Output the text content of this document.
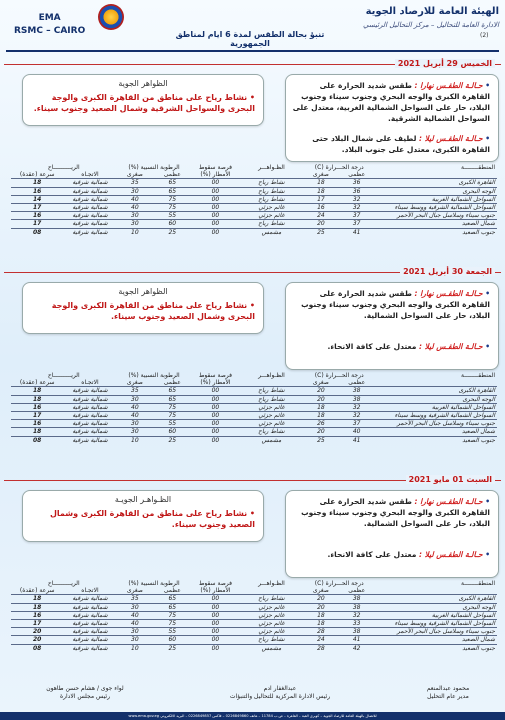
الهيئة العامة للارصاد الجوية
الادارة العامة للتحاليل – مركز التحاليل الرئيسي
(2)
تنبؤ بحالة الطقس لمدة 6 ايام لمناطق الجمهورية
EMA
RSMC – CAIRO
الخميس 29 أبريل 2021
• حـالـة الطقـس نهارا : طقس شديد الحرارة على القاهرة الكبرى والوجه البحري وجنوب سيناء وجنوب البلاد، حار على السواحل الشمالية الغربية، معتدل على السواحل الشمالية الشرقية.
• حـالـة الطقـس ليلا : لطيف على شمال البلاد حتى القاهرة الكبرى، معتدل على جنوب البلاد.
الظواهر الجوية
• نشاط رياح على مناطق من القاهرة الكبرى والوجة البحرى والسواحل الشرقية وشمال الصعيد وجنوب سيناء.
المنطقــــــــة	درجة الحـــرارة (C)		الظـواهـــر	فرصة سقوط الأمطار (%)	الرطوبة النسبية (%)		الريــــــــــاح	
	عظمى	صغرى			عظمى	صغرى	الاتجـاه	سرعة (عقدة)
القاهرة الكبرى	36	18	نشاط رياح	00	65	35	شمالية شرقية	18
الوجه البحرى	36	18	نشاط رياح	00	65	30	شمالية شرقية	16
السواحل الشمالية الغربية	32	17	نشاط رياح	00	75	40	شمالية شرقية	14
السواحل الشمالية الشرقية ووسط سيناء	32	16	غائم جزئي	00	75	40	شمالية شرقية	17
جنوب سيناء وسلاسل جبال البحر الأحمر	37	24	غائم جزئي	00	55	30	شمالية شرقية	16
شمال الصعيد	37	20	نشاط رياح	00	60	30	شمالية شرقية	17
جنوب الصعيد	41	25	مشمس	00	25	10	شمالية شرقية	08
الجمعة 30 أبريل 2021
• حـالـة الطقـس نهارا : طقس شديد الحرارة على القاهرة الكبرى والوجه البحري وجنوب سيناء وجنوب البلاد، حار على السواحل الشمالية.
• حـالـة الطقـس ليلا : معتدل على كافة الانحاء.
الظواهر الجوية
• نشاط رياح على مناطق من القاهرة الكبرى والوجة البحرى وشمال الصعيد وجنوب سيناء.
المنطقــــــــة	درجة الحـــرارة (C)		الظـواهـــر	فرصة سقوط الأمطار (%)	الرطوبة النسبية (%)		الريــــــــــاح	
	عظمى	صغرى			عظمى	صغرى	الاتجـاه	سرعة (عقدة)
القاهرة الكبرى	38	20	نشاط رياح	00	65	35	شمالية شرقية	18
الوجه البحرى	38	20	نشاط رياح	00	65	30	شمالية شرقية	18
السواحل الشمالية الغربية	32	18	غائم جزئي	00	75	40	شمالية شرقية	16
السواحل الشمالية الشرقية ووسط سيناء	32	18	غائم جزئي	00	75	40	شمالية شرقية	17
جنوب سيناء وسلاسل جبال البحر الأحمر	37	26	غائم جزئي	00	55	30	شمالية شرقية	16
شمال الصعيد	40	20	نشاط رياح	00	60	30	شمالية شرقية	18
جنوب الصعيد	41	25	مشمس	00	25	10	شمالية شرقية	08
السبت 01 مايو 2021
• حـالـة الطقـس نهارا : طقس شديد الحرارة على القاهرة الكبرى والوجه البحري وجنوب سيناء وجنوب البلاد، حار على السواحل الشمالية.
• حـالـة الطقـس ليلا : معتدل على كافة الانحاء.
الظـواهـر الجويـة
• نشاط رياح على مناطق من القاهرة الكبرى وشمال الصعيد وجنوب سيناء.
المنطقــــــــة	درجة الحـــرارة (C)		الظـواهـــر	فرصة سقوط الأمطار (%)	الرطوبة النسبية (%)		الريــــــــــاح	
	عظمى	صغرى			عظمى	صغرى	الاتجـاه	سرعة (عقدة)
القاهرة الكبرى	38	20	نشاط رياح	00	65	35	شمالية شرقية	18
الوجه البحرى	38	20	غائم جزئي	00	65	30	شمالية شرقية	18
السواحل الشمالية الغربية	32	18	غائم جزئي	00	75	40	شمالية شرقية	16
السواحل الشمالية الشرقية ووسط سيناء	33	18	غائم جزئي	00	75	40	شمالية شرقية	17
جنوب سيناء وسلاسل جبال البحر الأحمر	38	28	غائم جزئي	00	55	30	شمالية شرقية	20
شمال الصعيد	41	24	نشاط رياح	00	60	30	شمالية شرقية	20
جنوب الصعيد	42	28	مشمس	00	25	10	شمالية شرقية	08
محمود عبدالمنعم
مدير عام التحليل
عبدالغفار ادم
رئيس الادارة المركزية للتحاليل والتنبؤات
لواء جوى / هشام حسن طاهون
رئيس مجلس الادارة
للاتصال بالهيئة العامة للارصاد الجوية – كوبري القبة – القاهرة – ص.ب 11784 – هاتف 0226849860 – فاكس 0226849857 – البريد الالكتروني www.ema.gov.eg
